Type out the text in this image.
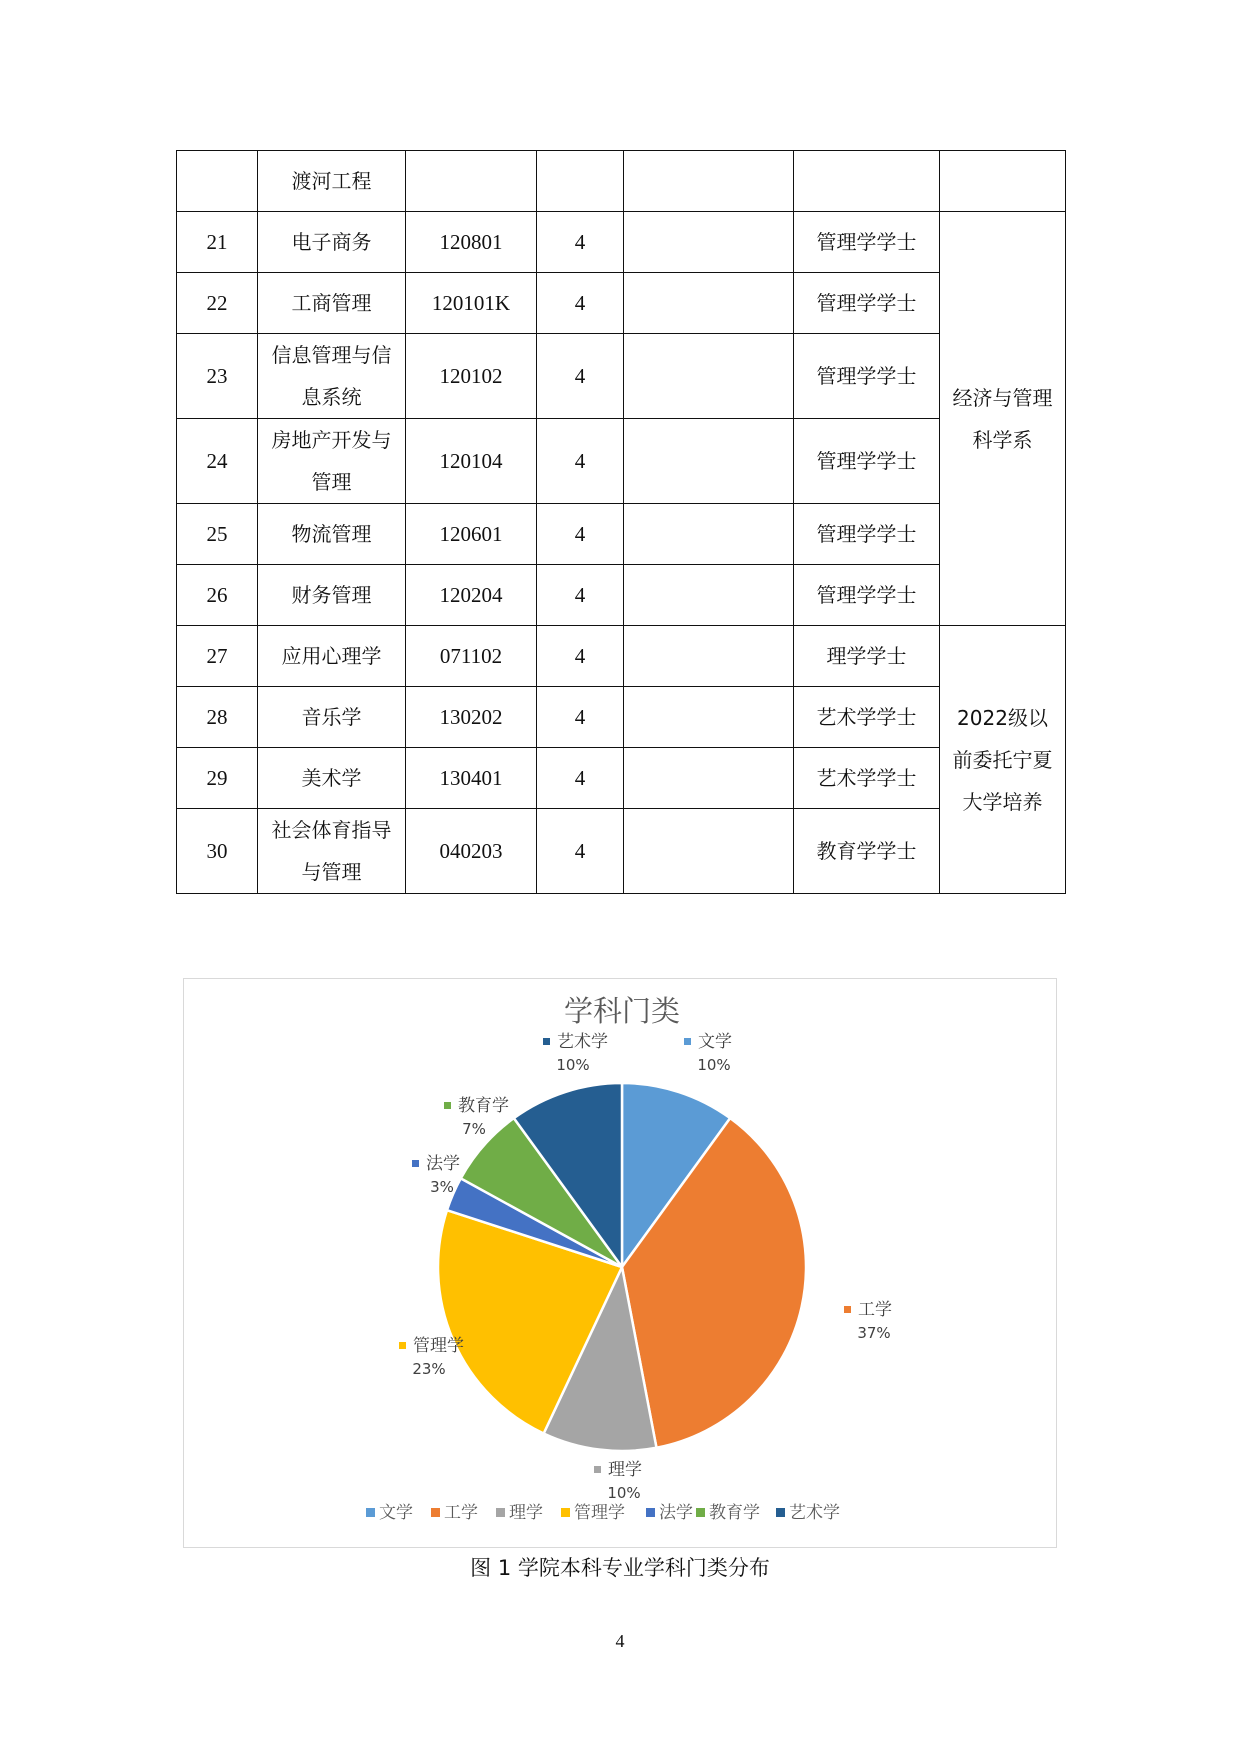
	渡河工程					
21	电子商务	120801	4		管理学学士	经济与管理科学系
22	工商管理	120101K	4		管理学学士	
23	信息管理与信息系统	120102	4		管理学学士	
24	房地产开发与管理	120104	4		管理学学士	
25	物流管理	120601	4		管理学学士	
26	财务管理	120204	4		管理学学士	
27	应用心理学	071102	4		理学学士	2022级以前委托宁夏大学培养
28	音乐学	130202	4		艺术学学士	
29	美术学	130401	4		艺术学学士	
30	社会体育指导与管理	040203	4		教育学学士	
学科门类
文学
10%
工学
37%
理学
10%
管理学
23%
法学
3%
教育学
7%
艺术学
10%
文学 工学 理学 管理学 法学 教育学 艺术学
图 1 学院本科专业学科门类分布
4
